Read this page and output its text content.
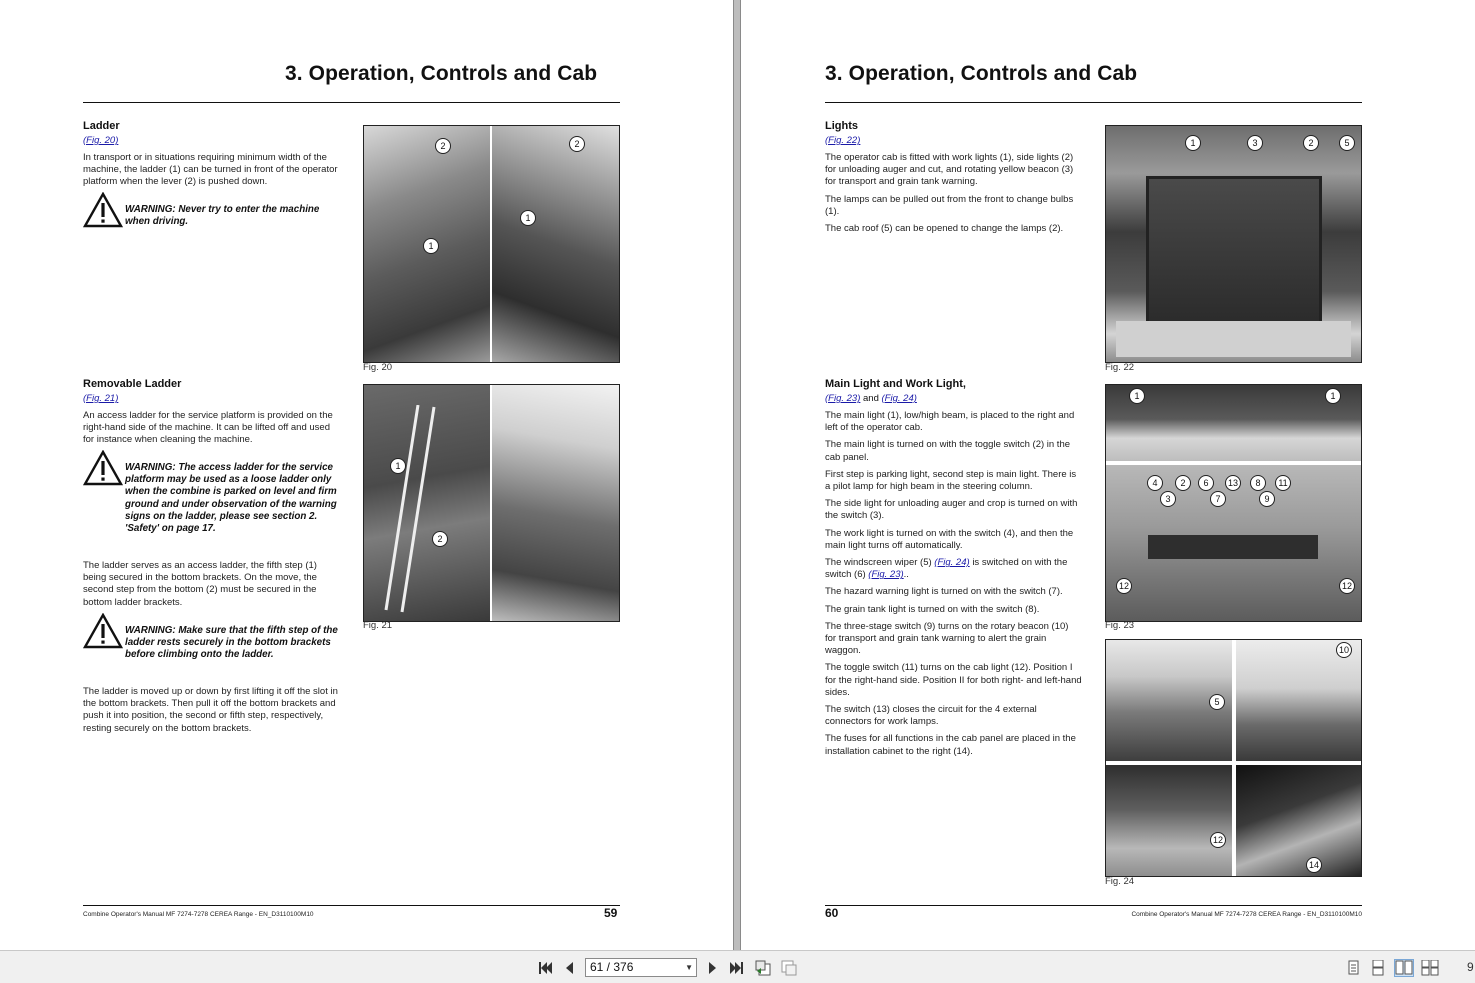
3. Operation, Controls and Cab
Ladder
(Fig. 20)

In transport or in situations requiring minimum width of the machine, the ladder (1) can be turned in front of the operator platform when the lever (2) is pushed down.

WARNING: Never try to enter the machine when driving.
2
1
2
1
Fig. 20
Removable Ladder
(Fig. 21)

An access ladder for the service platform is provided on the right-hand side of the machine. It can be lifted off and used for instance when cleaning the machine.

WARNING: The access ladder for the service platform may be used as a loose ladder only when the combine is parked on level and firm ground and under observation of the warning signs on the ladder, please see section 2. 'Safety' on page 17.

The ladder serves as an access ladder, the fifth step (1) being secured in the bottom brackets. On the move, the second step from the bottom (2) must be secured in the bottom ladder brackets.

WARNING: Make sure that the fifth step of the ladder rests securely in the bottom brackets before climbing onto the ladder.

The ladder is moved up or down by first lifting it off the slot in the bottom brackets. Then pull it off the bottom brackets and push it into position, the second or fifth step, respectively, resting securely on the bottom brackets.

1
2
Fig. 21
Combine Operator's Manual MF 7274-7278 CEREA Range - EN_D3110100M10	59
3. Operation, Controls and Cab
Lights
(Fig. 22)

The operator cab is fitted with work lights (1), side lights (2) for unloading auger and cut, and rotating yellow beacon (3) for transport and grain tank warning.

The lamps can be pulled out from the front to change bulbs (1).

The cab roof (5) can be opened to change the lamps (2).

1	3	2	5
Fig. 22
Main Light and Work Light,
(Fig. 23) and (Fig. 24)

The main light (1), low/high beam, is placed to the right and left of the operator cab.

The main light is turned on with the toggle switch (2) in the cab panel.

First step is parking light, second step is main light. There is a pilot lamp for high beam in the steering column.

The side light for unloading auger and crop is turned on with the switch (3).

The work light is turned on with the switch (4), and then the main light turns off automatically.

The windscreen wiper (5) (Fig. 24) is switched on with the switch (6) (Fig. 23)..

The hazard warning light is turned on with the switch (7).

The grain tank light is turned on with the switch (8).

The three-stage switch (9) turns on the rotary beacon (10) for transport and grain tank warning to alert the grain waggon.

The toggle switch (11) turns on the cab light (12). Position I for the right-hand side. Position II for both right- and left-hand sides.

The switch (13) closes the circuit for the 4 external connectors for work lamps.

The fuses for all functions in the cab panel are placed in the installation cabinet to the right (14).

1	1
4	2	6	13	8	11
3	7	9
12	12
Fig. 23
10
5
12
14
Fig. 24
60	Combine Operator's Manual MF 7274-7278 CEREA Range - EN_D3110100M10
61 / 376	▼	9
